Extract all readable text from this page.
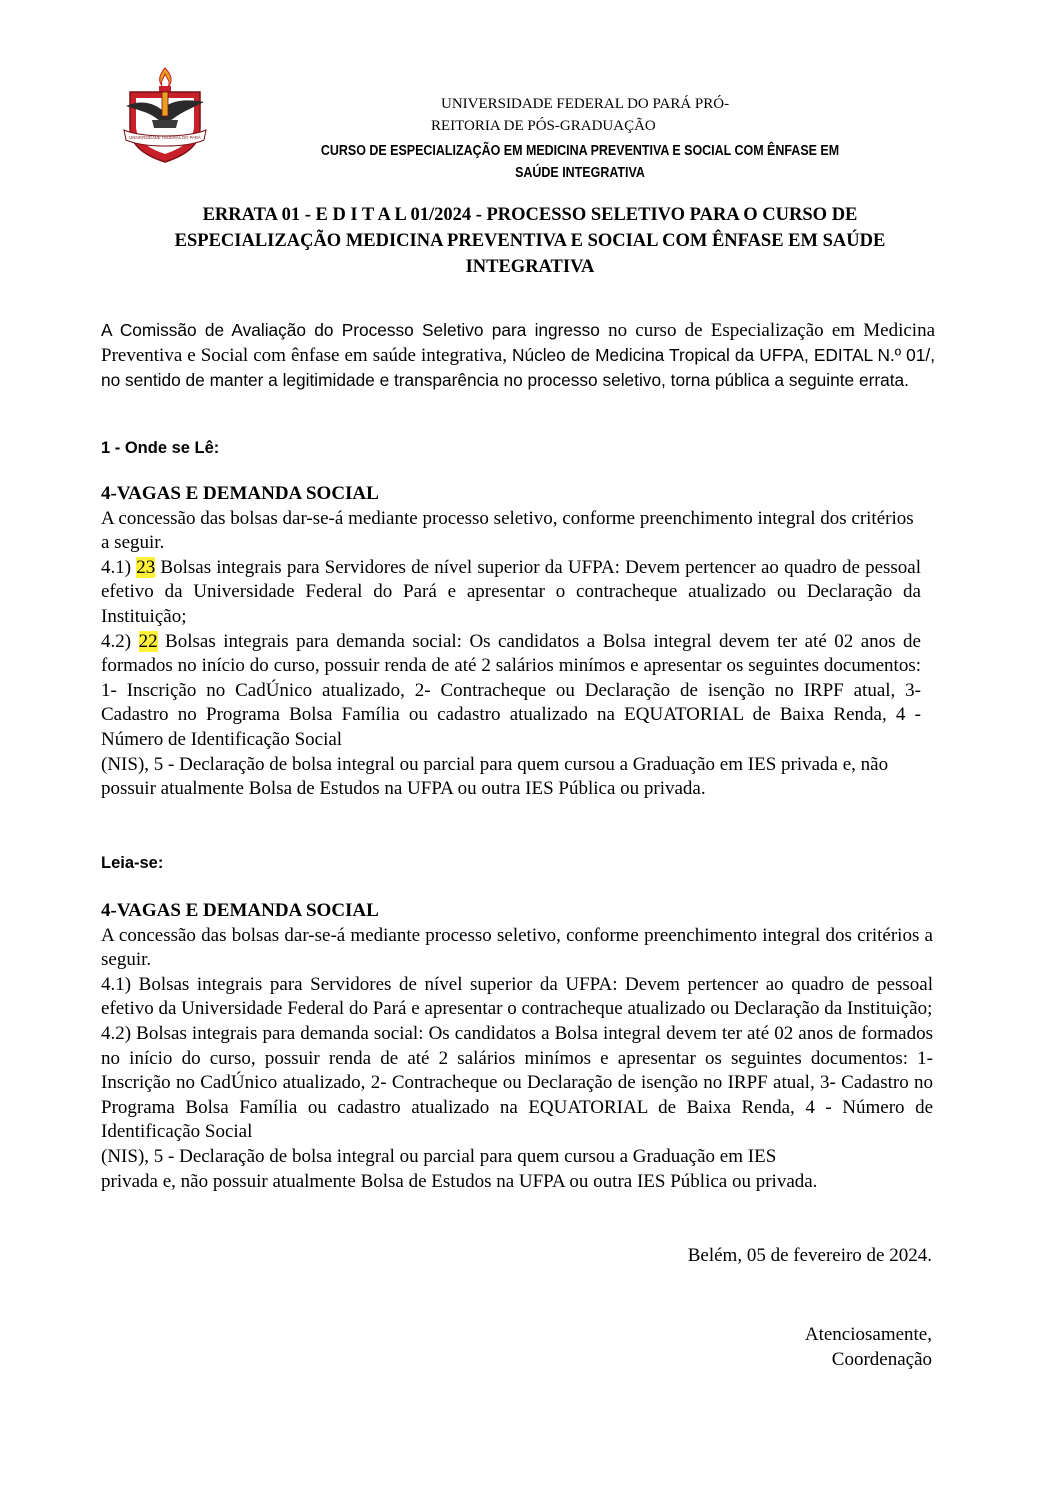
UNIVERSIDADE FEDERAL DO PARÁ
UNIVERSIDADE FEDERAL DO PARÁ PRÓ-
REITORIA DE PÓS-GRADUAÇÃO
CURSO DE ESPECIALIZAÇÃO EM MEDICINA PREVENTIVA E SOCIAL COM ÊNFASE EM
SAÚDE INTEGRATIVA
ERRATA 01 - E D I T A L 01/2024 - PROCESSO SELETIVO PARA O CURSO DE ESPECIALIZAÇÃO MEDICINA PREVENTIVA E SOCIAL COM ÊNFASE EM SAÚDE INTEGRATIVA
A Comissão de Avaliação do Processo Seletivo para ingresso no curso de Especialização em Medicina Preventiva e Social com ênfase em saúde integrativa, Núcleo de Medicina Tropical da UFPA, EDITAL N.º 01/, no sentido de manter a legitimidade e transparência no processo seletivo, torna pública a seguinte errata.
1 - Onde se Lê:

4-VAGAS E DEMANDA SOCIAL

A concessão das bolsas dar-se-á mediante processo seletivo, conforme preenchimento integral dos critérios a seguir.

4.1) 23 Bolsas integrais para Servidores de nível superior da UFPA: Devem pertencer ao quadro de pessoal efetivo da Universidade Federal do Pará e apresentar o contracheque atualizado ou Declaração da Instituição;

4.2) 22 Bolsas integrais para demanda social: Os candidatos a Bolsa integral devem ter até 02 anos de formados no início do curso, possuir renda de até 2 salários minímos e apresentar os seguintes documentos: 1- Inscrição no CadÚnico atualizado, 2- Contracheque ou Declaração de isenção no IRPF atual, 3- Cadastro no Programa Bolsa Família ou cadastro atualizado na EQUATORIAL de Baixa Renda, 4 - Número de Identificação Social

(NIS), 5 - Declaração de bolsa integral ou parcial para quem cursou a Graduação em IES privada e, não possuir atualmente Bolsa de Estudos na UFPA ou outra IES Pública ou privada.

Leia-se:

4-VAGAS E DEMANDA SOCIAL

A concessão das bolsas dar-se-á mediante processo seletivo, conforme preenchimento integral dos critérios a seguir.

4.1) Bolsas integrais para Servidores de nível superior da UFPA: Devem pertencer ao quadro de pessoal efetivo da Universidade Federal do Pará e apresentar o contracheque atualizado ou Declaração da Instituição;

4.2) Bolsas integrais para demanda social: Os candidatos a Bolsa integral devem ter até 02 anos de formados no início do curso, possuir renda de até 2 salários minímos e apresentar os seguintes documentos: 1- Inscrição no CadÚnico atualizado, 2- Contracheque ou Declaração de isenção no IRPF atual, 3- Cadastro no Programa Bolsa Família ou cadastro atualizado na EQUATORIAL de Baixa Renda, 4 - Número de Identificação Social

(NIS), 5 - Declaração de bolsa integral ou parcial para quem cursou a Graduação em IES

privada e, não possuir atualmente Bolsa de Estudos na UFPA ou outra IES Pública ou privada.

Belém, 05 de fevereiro de 2024.
Atenciosamente,
Coordenação
